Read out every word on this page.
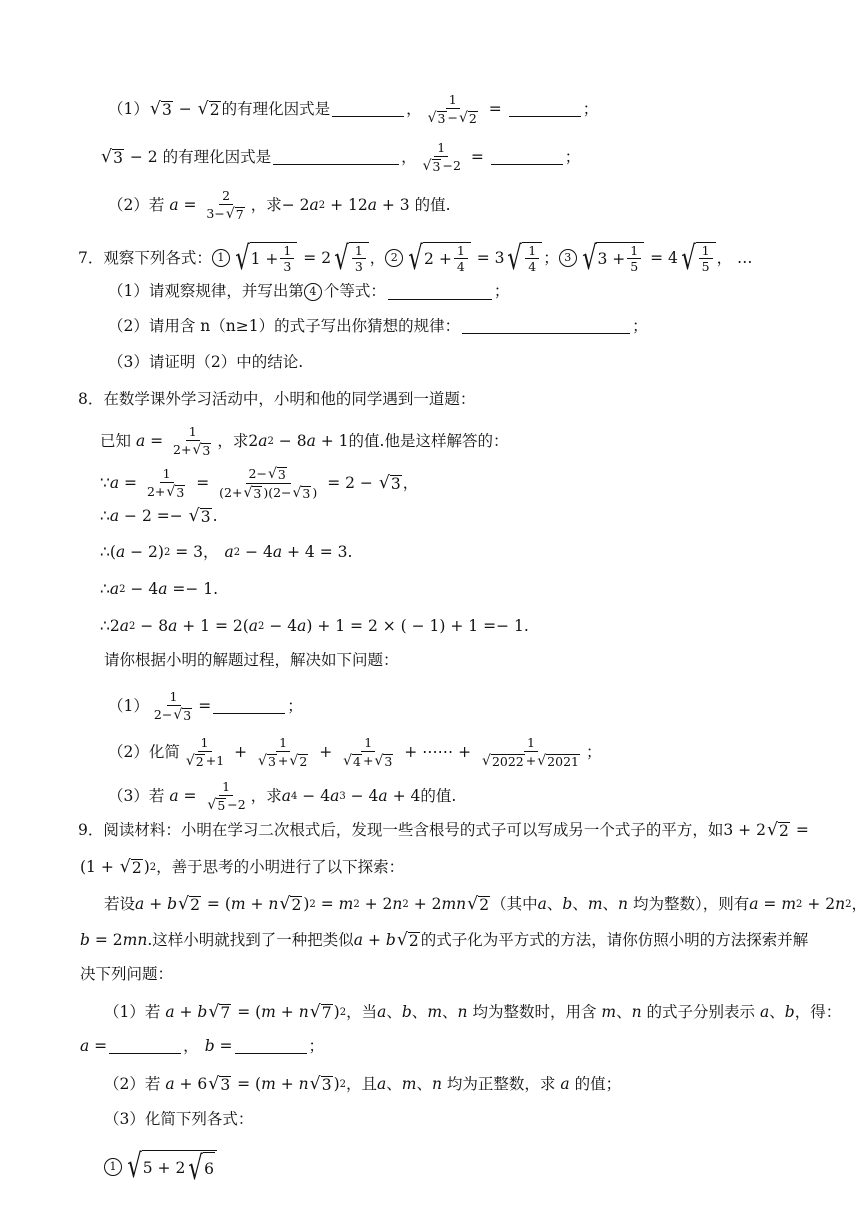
（1） √ 3 − √ 2 的有理化因式是	，
1
√ 3 − √ 2
=	；
√ 3 − 2 的有理化因式是	，
1
√ 3 −2 =	；
（2）若
a =
2
3− √ 7
，求 − 2 a 2 + 12 a + 3 的值.
7． 观察下列各式： 1 √ 1 + 1
3
= 2 √ 1
3
， 2 √ 2 + 1
4
= 3 √ 1
4
； 3 √ 3 + 1
5
= 4 √ 1
5
， …
（1）请观察规律，并写出第 4 个等式：	；
（2）请用含 n（n≥1）的式子写出你猜想的规律：	；
（3）请证明（2）中的结论.
8． 在数学课外学习活动中，小明和他的同学遇到一道题：
已知
a =
1
2+ √ 3
，求 2 a 2 − 8 a + 1 的值.他是这样解答的：
∵ a =
1
2+ √ 3
=
2− √ 3
(2+ √ 3 )(2− √ 3 ) = 2 − √ 3 ，
∴ a − 2 =− √ 3 .
∴ ( a − 2) 2 = 3， a 2 − 4 a + 4 = 3 .
∴ a 2 − 4 a =− 1 .
∴ 2 a 2 − 8 a + 1 = 2( a 2 − 4 a ) + 1 = 2 × ( − 1) + 1 =− 1 .
请你根据小明的解题过程，解决如下问题：
（1）
1
2− √ 3
=	；
（2）化简
1
√ 2 +1 +
1
√ 3 + √ 2
+
1
√ 4 + √ 3
+ ⋯⋯ +
1
√ 2022 + √ 2021
；
（3）若
a =
1
√ 5 −2 ，求 a 4 − 4 a 3 − 4 a + 4 的值.
9． 阅读材料：小明在学习二次根式后，发现一些含根号的式子可以写成另一个式子的平方，如 3 + 2 √ 2 =
(1 + √ 2 ) 2 ，善于思考的小明进行了以下探索：
若设 a + b √ 2 = ( m + n √ 2 ) 2 = m 2 + 2 n 2 + 2 mn √ 2 （其中 a 、 b 、 m 、 n
均为整数），则有 a = m 2 + 2 n 2 ，
b = 2 mn . 这样小明就找到了一种把类似 a + b √ 2 的式子化为平方式的方法，请你仿照小明的方法探索并解
决下列问题：
（1）若
a + b √ 7 = ( m + n √ 7 ) 2 ，当 a 、 b 、 m 、 n
均为整数时，用含
m 、 n
的式子分别表示
a 、 b ，得：
a =	， b =	；
（2）若
a + 6 √ 3 = ( m + n √ 3 ) 2 ，且 a 、 m 、 n
均为正整数，求
a
的值；
（3）化简下列各式：
1 √ 5 + 2 √ 6
